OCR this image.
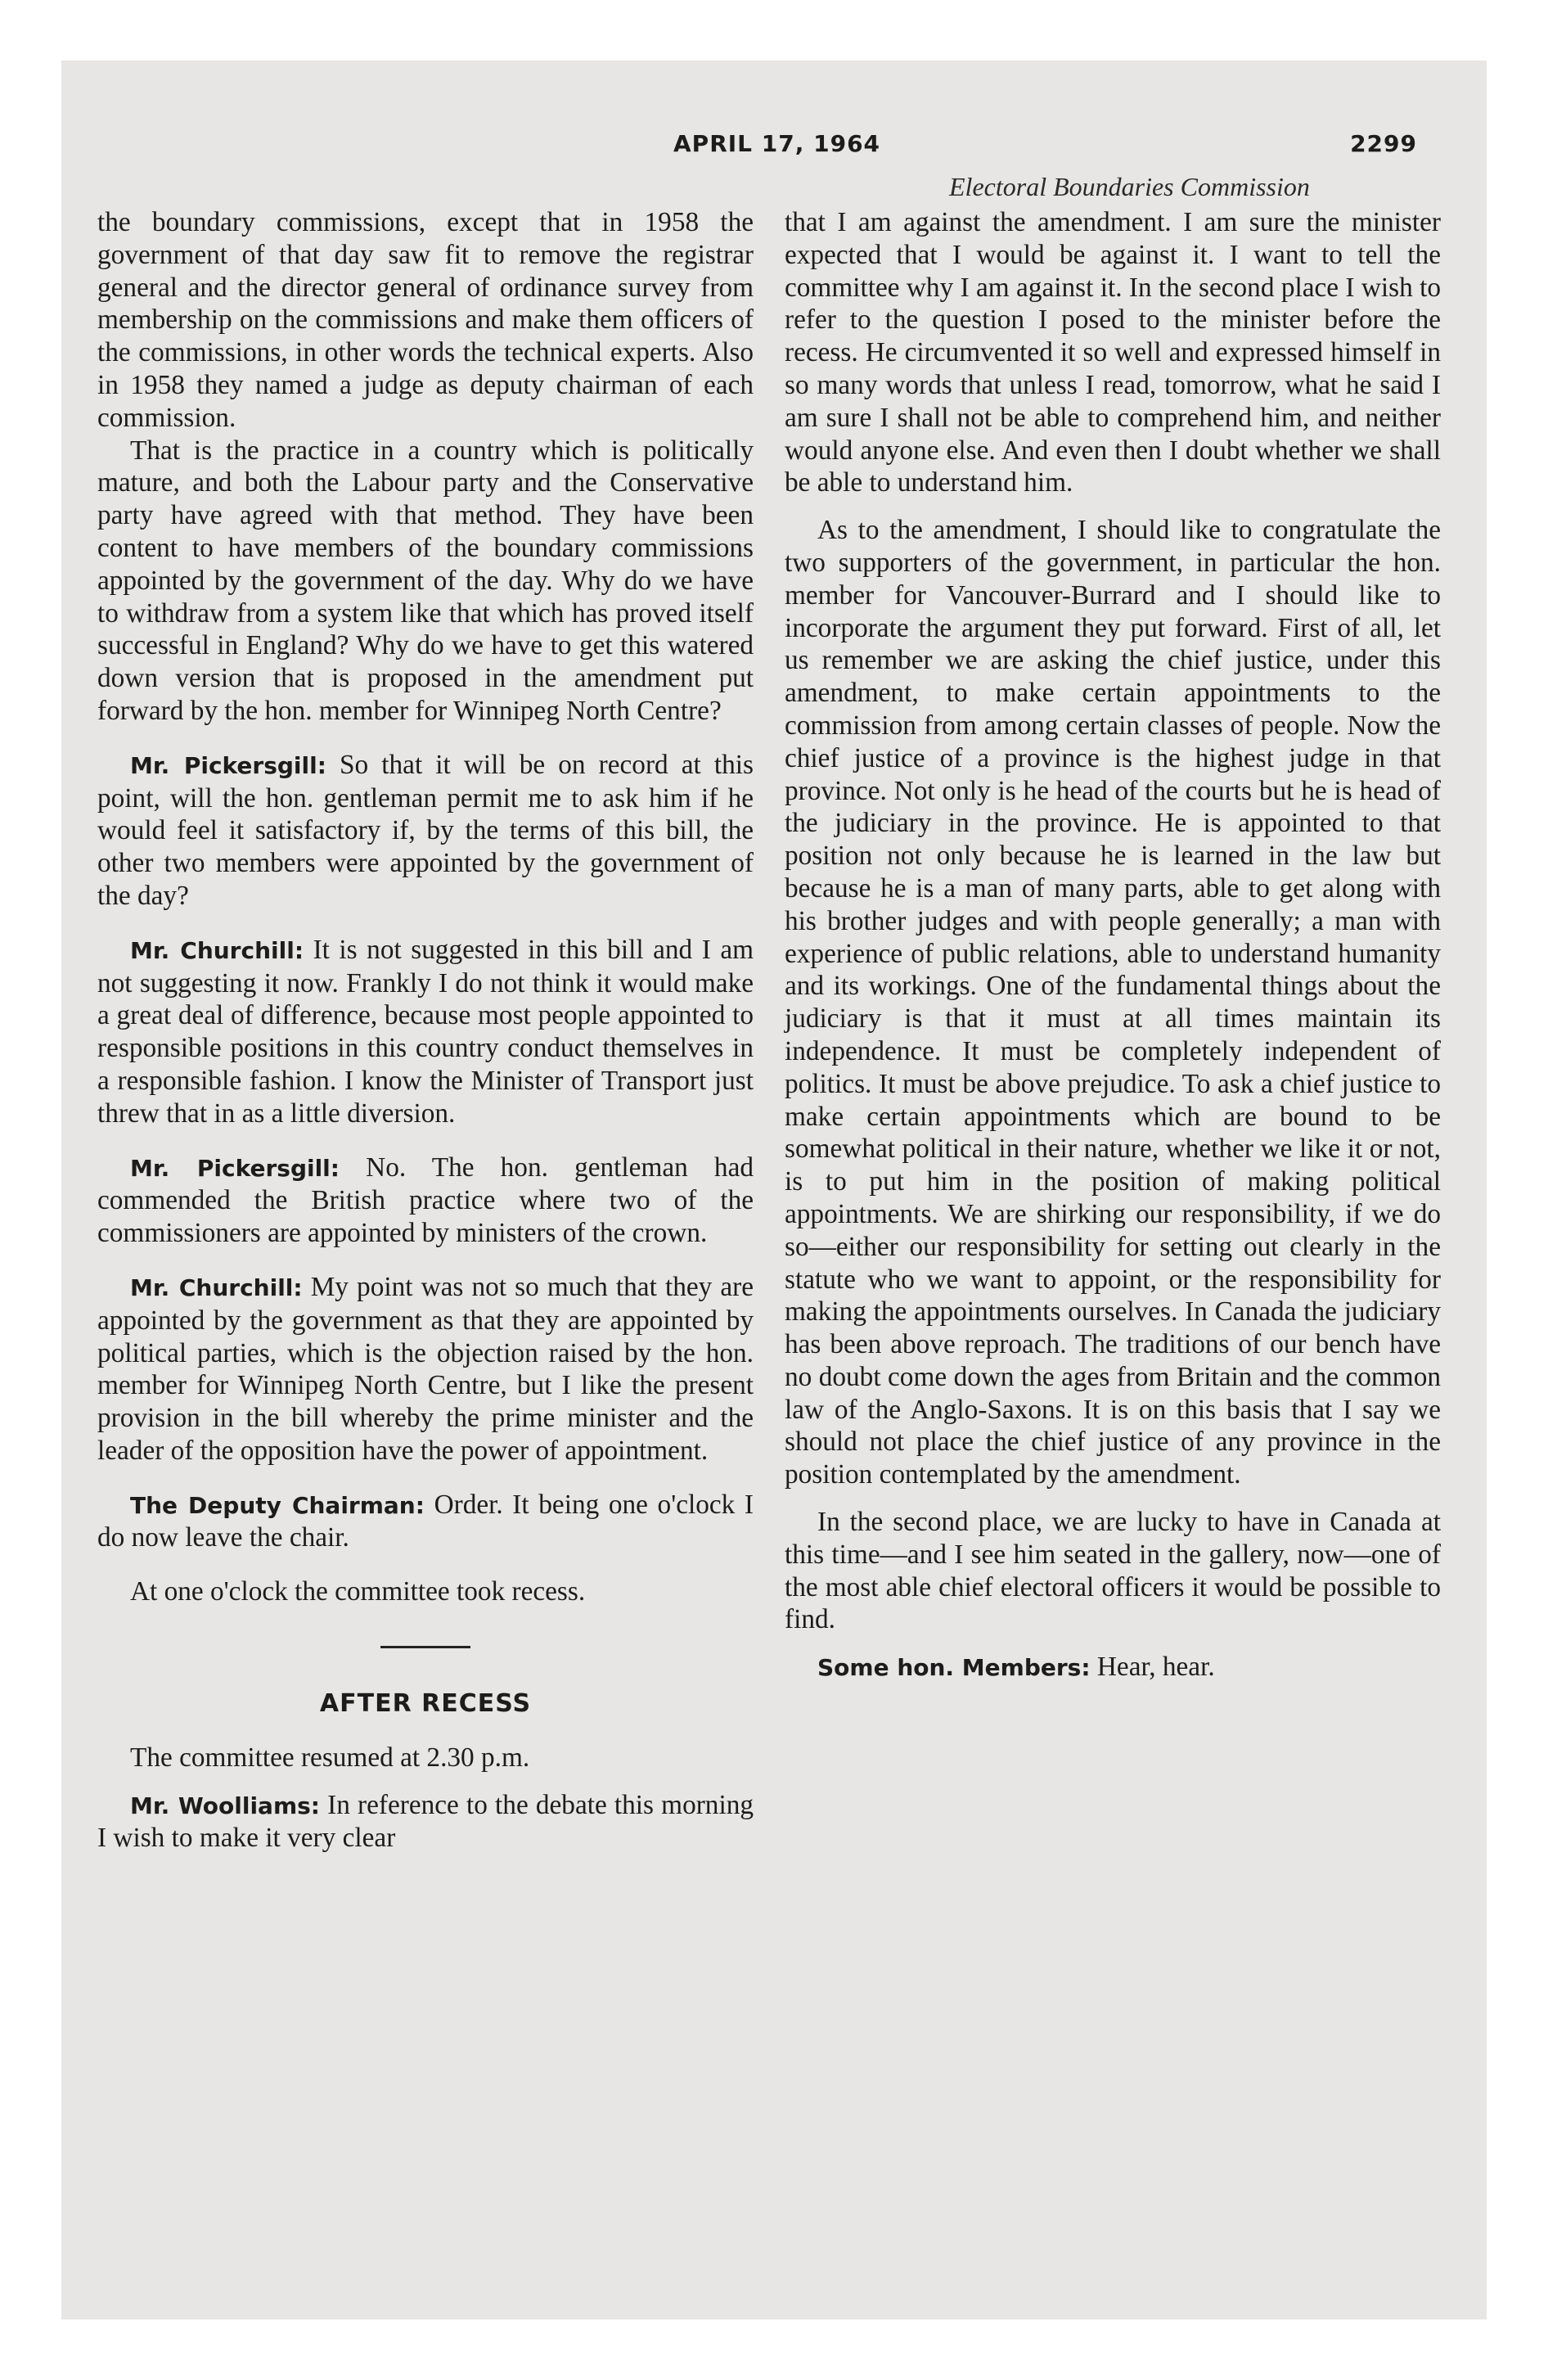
APRIL 17, 1964	2299
Electoral Boundaries Commission

the boundary commissions, except that in 1958 the government of that day saw fit to remove the registrar general and the director general of ordinance survey from membership on the commissions and make them officers of the commissions, in other words the technical experts. Also in 1958 they named a judge as deputy chairman of each commission.

That is the practice in a country which is politically mature, and both the Labour party and the Conservative party have agreed with that method. They have been content to have members of the boundary commissions appointed by the government of the day. Why do we have to withdraw from a system like that which has proved itself successful in England? Why do we have to get this watered down version that is proposed in the amendment put forward by the hon. member for Winnipeg North Centre?

Mr. Pickersgill: So that it will be on record at this point, will the hon. gentleman permit me to ask him if he would feel it satisfactory if, by the terms of this bill, the other two members were appointed by the government of the day?

Mr. Churchill: It is not suggested in this bill and I am not suggesting it now. Frankly I do not think it would make a great deal of difference, because most people appointed to responsible positions in this country conduct themselves in a responsible fashion. I know the Minister of Transport just threw that in as a little diversion.

Mr. Pickersgill: No. The hon. gentleman had commended the British practice where two of the commissioners are appointed by ministers of the crown.

Mr. Churchill: My point was not so much that they are appointed by the government as that they are appointed by political parties, which is the objection raised by the hon. member for Winnipeg North Centre, but I like the present provision in the bill whereby the prime minister and the leader of the opposition have the power of appointment.

The Deputy Chairman: Order. It being one o'clock I do now leave the chair.

At one o'clock the committee took recess.

AFTER RECESS

The committee resumed at 2.30 p.m.

Mr. Woolliams: In reference to the debate this morning I wish to make it very clear

that I am against the amendment. I am sure the minister expected that I would be against it. I want to tell the committee why I am against it. In the second place I wish to refer to the question I posed to the minister before the recess. He circumvented it so well and expressed himself in so many words that unless I read, tomorrow, what he said I am sure I shall not be able to comprehend him, and neither would anyone else. And even then I doubt whether we shall be able to understand him.

As to the amendment, I should like to congratulate the two supporters of the government, in particular the hon. member for Vancouver-Burrard and I should like to incorporate the argument they put forward. First of all, let us remember we are asking the chief justice, under this amendment, to make certain appointments to the commission from among certain classes of people. Now the chief justice of a province is the highest judge in that province. Not only is he head of the courts but he is head of the judiciary in the province. He is appointed to that position not only because he is learned in the law but because he is a man of many parts, able to get along with his brother judges and with people generally; a man with experience of public relations, able to understand humanity and its workings. One of the fundamental things about the judiciary is that it must at all times maintain its independence. It must be completely independent of politics. It must be above prejudice. To ask a chief justice to make certain appointments which are bound to be somewhat political in their nature, whether we like it or not, is to put him in the position of making political appointments. We are shirking our responsibility, if we do so—either our responsibility for setting out clearly in the statute who we want to appoint, or the responsibility for making the appointments ourselves. In Canada the judiciary has been above reproach. The traditions of our bench have no doubt come down the ages from Britain and the common law of the Anglo-Saxons. It is on this basis that I say we should not place the chief justice of any province in the position contemplated by the amendment.

In the second place, we are lucky to have in Canada at this time—and I see him seated in the gallery, now—one of the most able chief electoral officers it would be possible to find.

Some hon. Members: Hear, hear.
